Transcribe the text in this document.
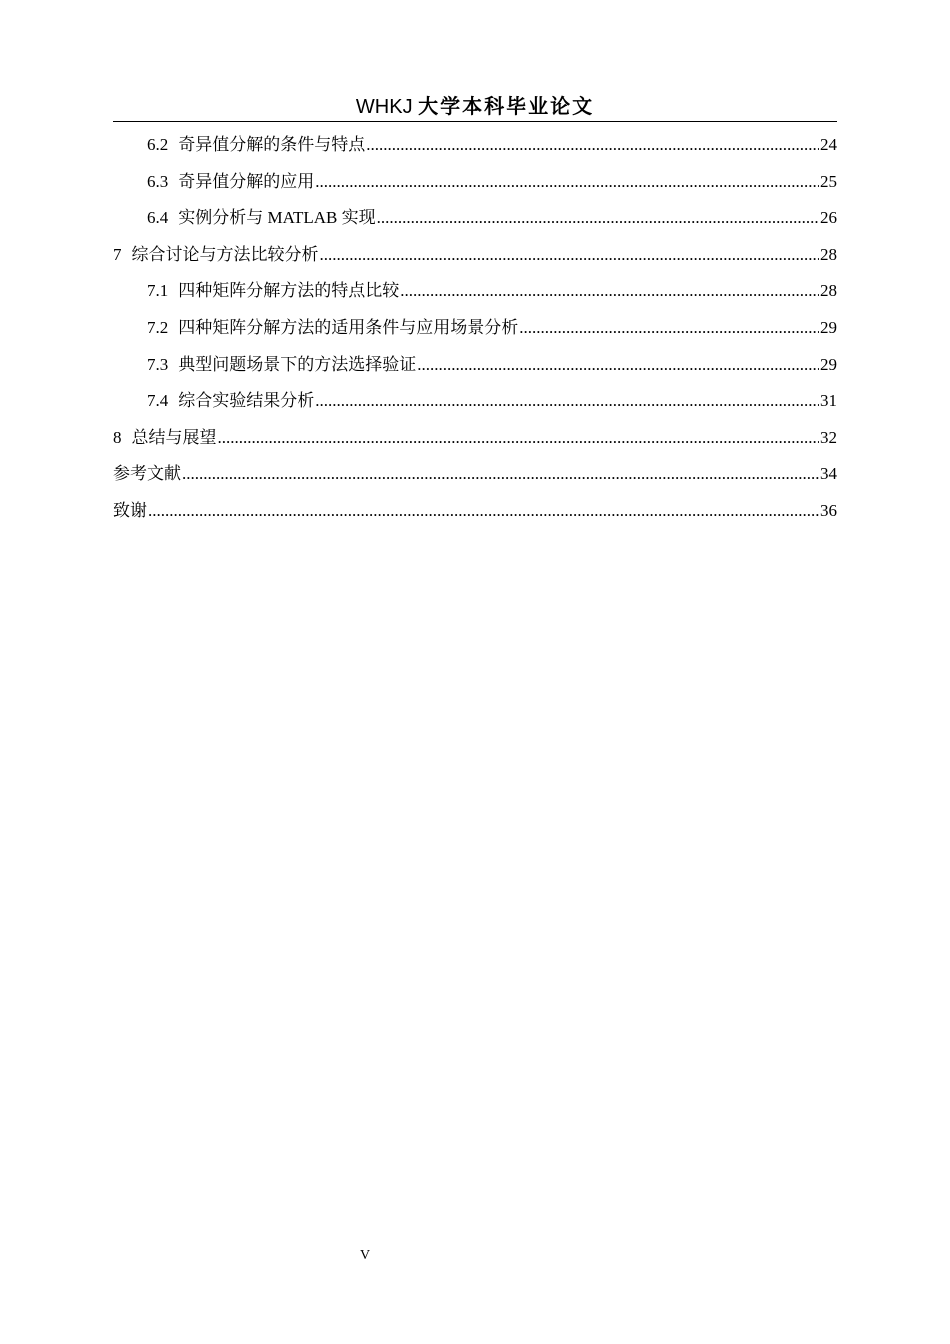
WHKJ 大学本科毕业论文
6.2 奇异值分解的条件与特点 .....	24
6.3 奇异值分解的应用 .....	25
6.4 实例分析与 MATLAB 实现 .....	26
7 综合讨论与方法比较分析 .....	28
7.1 四种矩阵分解方法的特点比较 .....	28
7.2 四种矩阵分解方法的适用条件与应用场景分析 .....	29
7.3 典型问题场景下的方法选择验证 .....	29
7.4 综合实验结果分析 .....	31
8 总结与展望 .....	32
参考文献 .....	34
致谢 .....	36
V
